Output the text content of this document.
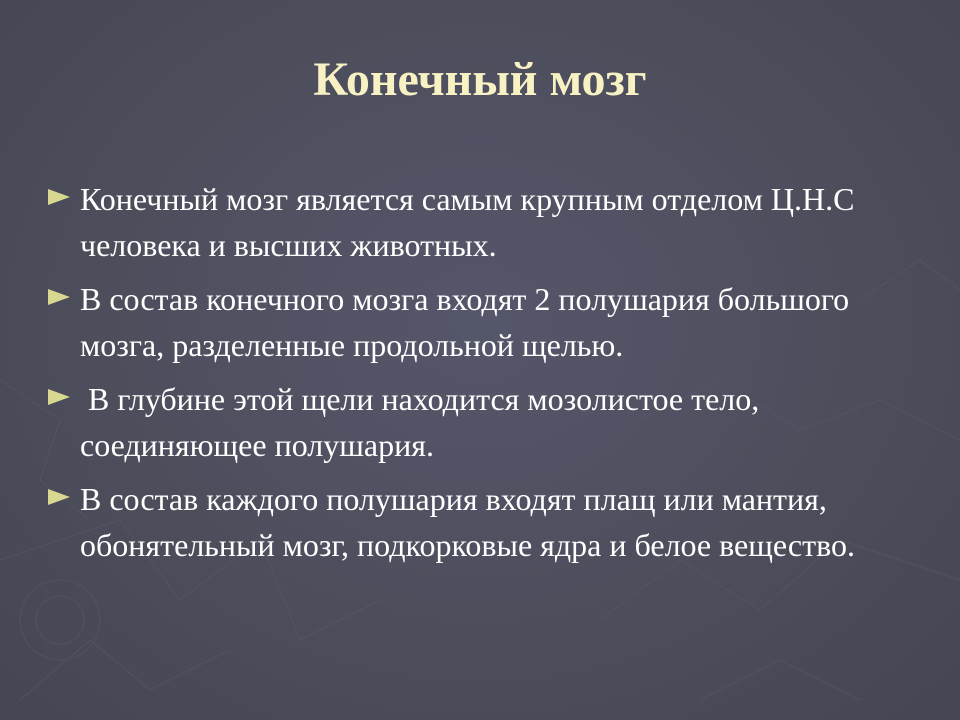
Конечный мозг
Конечный мозг является самым крупным отделом Ц.Н.С человека и высших животных.
В состав конечного мозга входят 2 полушария большого мозга, разделенные продольной щелью.
В глубине этой щели находится мозолистое тело, соединяющее полушария.
В состав каждого полушария входят плащ или мантия, обонятельный мозг, подкорковые ядра и белое вещество.
